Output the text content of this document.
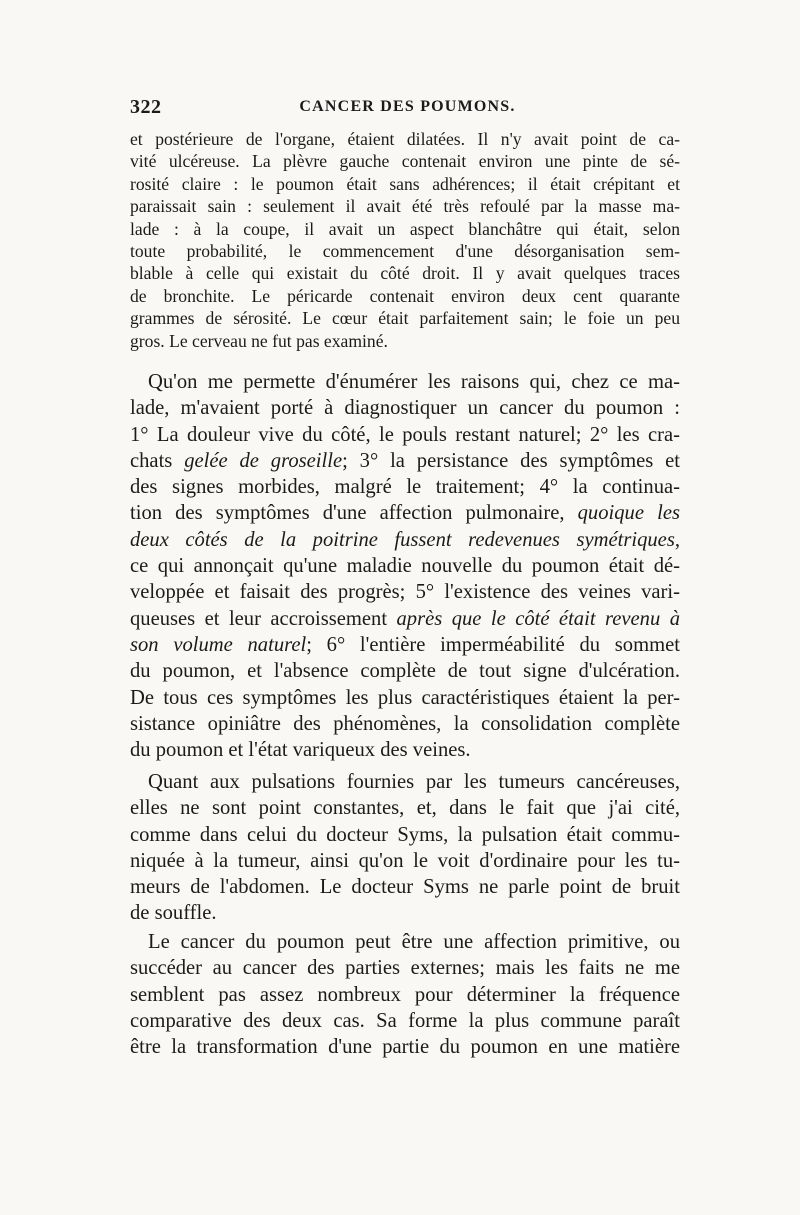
322	CANCER DES POUMONS.
et postérieure de l'organe, étaient dilatées. Il n'y avait point de ca-
vité ulcéreuse. La plèvre gauche contenait environ une pinte de sé-
rosité claire : le poumon était sans adhérences; il était crépitant et
paraissait sain : seulement il avait été très refoulé par la masse ma-
lade : à la coupe, il avait un aspect blanchâtre qui était, selon
toute probabilité, le commencement d'une désorganisation sem-
blable à celle qui existait du côté droit. Il y avait quelques traces
de bronchite. Le péricarde contenait environ deux cent quarante
grammes de sérosité. Le cœur était parfaitement sain; le foie un peu
gros. Le cerveau ne fut pas examiné.
Qu'on me permette d'énumérer les raisons qui, chez ce ma-
lade, m'avaient porté à diagnostiquer un cancer du poumon :
1° La douleur vive du côté, le pouls restant naturel; 2° les cra-
chats gelée de groseille; 3° la persistance des symptômes et
des signes morbides, malgré le traitement; 4° la continua-
tion des symptômes d'une affection pulmonaire, quoique les
deux côtés de la poitrine fussent redevenues symétriques,
ce qui annonçait qu'une maladie nouvelle du poumon était dé-
veloppée et faisait des progrès; 5° l'existence des veines vari-
queuses et leur accroissement après que le côté était revenu à
son volume naturel; 6° l'entière imperméabilité du sommet
du poumon, et l'absence complète de tout signe d'ulcération.
De tous ces symptômes les plus caractéristiques étaient la per-
sistance opiniâtre des phénomènes, la consolidation complète
du poumon et l'état variqueux des veines.
Quant aux pulsations fournies par les tumeurs cancéreuses,
elles ne sont point constantes, et, dans le fait que j'ai cité,
comme dans celui du docteur Syms, la pulsation était commu-
niquée à la tumeur, ainsi qu'on le voit d'ordinaire pour les tu-
meurs de l'abdomen. Le docteur Syms ne parle point de bruit
de souffle.
Le cancer du poumon peut être une affection primitive, ou
succéder au cancer des parties externes; mais les faits ne me
semblent pas assez nombreux pour déterminer la fréquence
comparative des deux cas. Sa forme la plus commune paraît
être la transformation d'une partie du poumon en une matière
